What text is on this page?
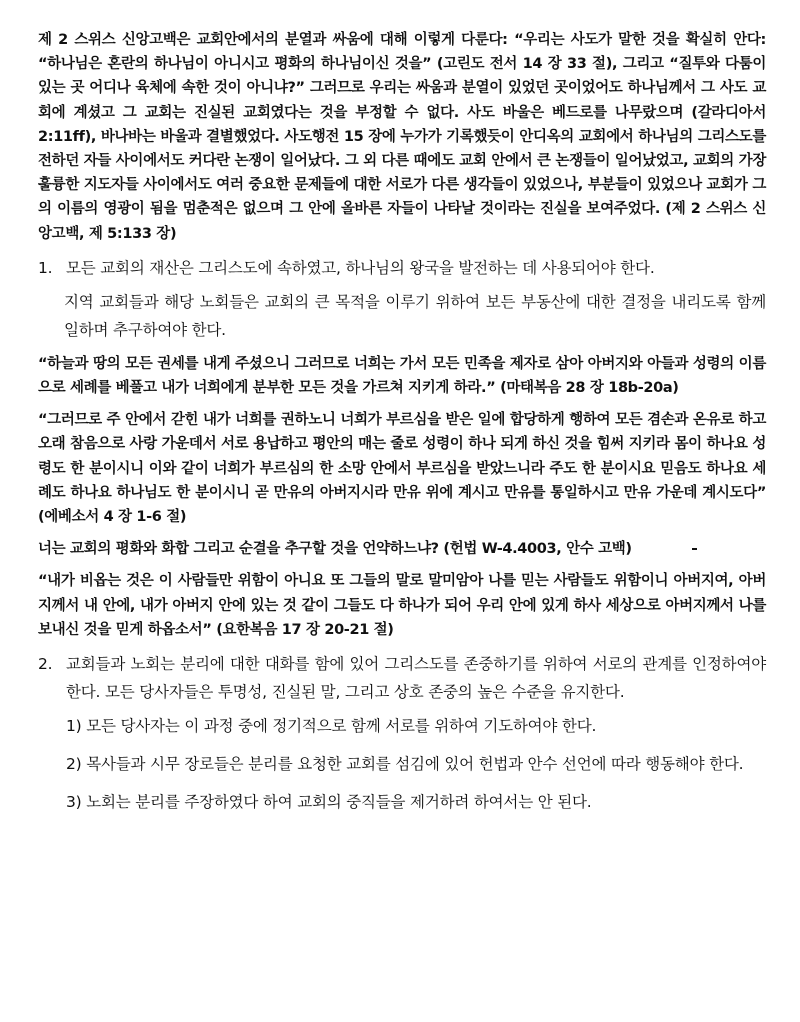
제 2 스위스 신앙고백은 교회안에서의 분열과 싸움에 대해 이렇게 다룬다: “우리는 사도가 말한 것을 확실히 안다: “하나님은 혼란의 하나님이 아니시고 평화의 하나님이신 것을” (고린도 전서 14 장 33 절), 그리고 “질투와 다툼이 있는 곳 어디나 육체에 속한 것이 아니냐?” 그러므로 우리는 싸움과 분열이 있었던 곳이었어도 하나님께서 그 사도 교회에 계셨고 그 교회는 진실된 교회였다는 것을 부정할 수 없다. 사도 바울은 베드로를 나무랐으며 (갈라디아서 2:11ff), 바나바는 바울과 결별했었다. 사도행전 15 장에 누가가 기록했듯이 안디옥의 교회에서 하나님의 그리스도를 전하던 자들 사이에서도 커다란 논쟁이 일어났다. 그 외 다른 때에도 교회 안에서 큰 논쟁들이 일어났었고, 교회의 가장 훌륭한 지도자들 사이에서도 여러 중요한 문제들에 대한 서로가 다른 생각들이 있었으나, 부분들이 있었으나 교회가 그의 이름의 영광이 됨을 멈춘적은 없으며 그 안에 올바른 자들이 나타날 것이라는 진실을 보여주었다. (제 2 스위스 신앙고백, 제 5:133 장)

1. 모든 교회의 재산은 그리스도에 속하였고, 하나님의 왕국을 발전하는 데 사용되어야 한다.

지역 교회들과 해당 노회들은 교회의 큰 목적을 이루기 위하여 보든 부동산에 대한 결정을 내리도록 함께 일하며 추구하여야 한다.

“하늘과 땅의 모든 권세를 내게 주셨으니 그러므로 너희는 가서 모든 민족을 제자로 삼아 아버지와 아들과 성령의 이름으로 세례를 베풀고 내가 너희에게 분부한 모든 것을 가르쳐 지키게 하라.” (마태복음 28 장 18b-20a)

“그러므로 주 안에서 갇힌 내가 너희를 권하노니 너희가 부르심을 받은 일에 합당하게 행하여 모든 겸손과 온유로 하고 오래 참음으로 사랑 가운데서 서로 용납하고 평안의 매는 줄로 성령이 하나 되게 하신 것을 힘써 지키라 몸이 하나요 성령도 한 분이시니 이와 같이 너희가 부르심의 한 소망 안에서 부르심을 받았느니라 주도 한 분이시요 믿음도 하나요 세례도 하나요 하나님도 한 분이시니 곧 만유의 아버지시라 만유 위에 계시고 만유를 통일하시고 만유 가운데 계시도다” (에베소서 4 장 1-6 절)

너는 교회의 평화와 화합 그리고 순결을 추구할 것을 언약하느냐? (헌법 W-4.4003, 안수 고백)

“내가 비옵는 것은 이 사람들만 위함이 아니요 또 그들의 말로 말미암아 나를 믿는 사람들도 위함이니 아버지여, 아버지께서 내 안에, 내가 아버지 안에 있는 것 같이 그들도 다 하나가 되어 우리 안에 있게 하사 세상으로 아버지께서 나를 보내신 것을 믿게 하옵소서” (요한복음 17 장 20-21 절)

2. 교회들과 노회는 분리에 대한 대화를 함에 있어 그리스도를 존중하기를 위하여 서로의 관계를 인정하여야 한다. 모든 당사자들은 투명성, 진실된 말, 그리고 상호 존중의 높은 수준을 유지한다.

1) 모든 당사자는 이 과정 중에 정기적으로 함께 서로를 위하여 기도하여야 한다.

2) 목사들과 시무 장로들은 분리를 요청한 교회를 섬김에 있어 헌법과 안수 선언에 따라 행동해야 한다.

3) 노회는 분리를 주장하였다 하여 교회의 중직들을 제거하려 하여서는 안 된다.
